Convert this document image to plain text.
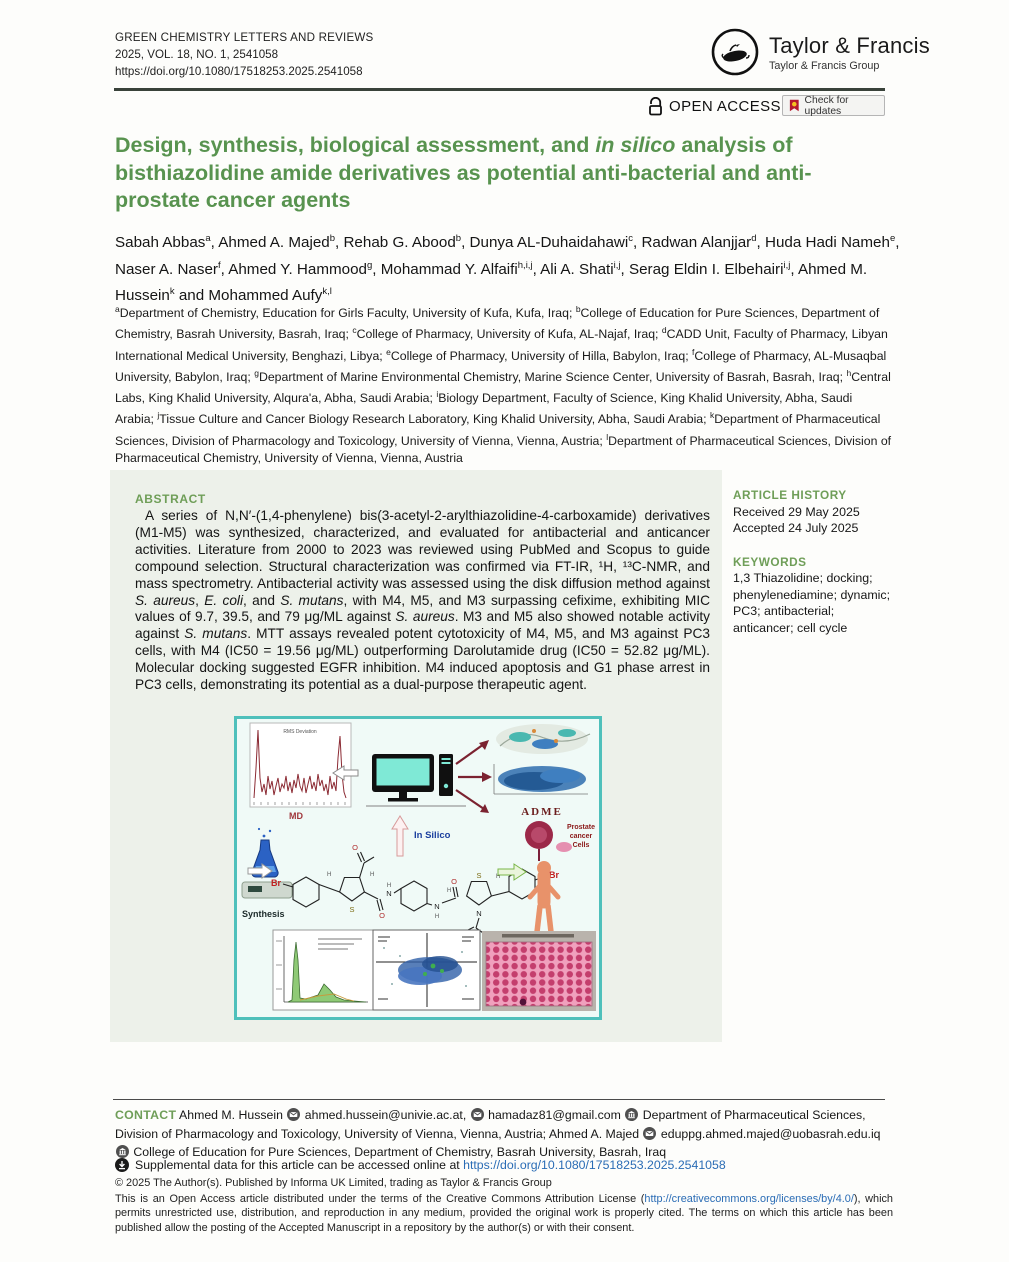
GREEN CHEMISTRY LETTERS AND REVIEWS
2025, VOL. 18, NO. 1, 2541058
https://doi.org/10.1080/17518253.2025.2541058
Taylor & Francis
Taylor & Francis Group
OPEN ACCESS Check for updates
Design, synthesis, biological assessment, and in silico analysis of bisthiazolidine amide derivatives as potential anti-bacterial and anti-prostate cancer agents

Sabah Abbas$^a$, Ahmed A. Majed$^b$, Rehab G. Abood$^b$, Dunya AL-Duhaidahawi$^c$, Radwan Alanjjar$^d$, Huda Hadi Nameh$^e$, Naser A. Naser$^f$, Ahmed Y. Hammood$^g$, Mohammad Y. Alfaifi$^{h,i,j}$, Ali A. Shati$^{i,j}$, Serag Eldin I. Elbehairi$^{i,j}$, Ahmed M. Hussein$^k$ and Mohammed Aufy$^{k,l}$

$^a$Department of Chemistry, Education for Girls Faculty, University of Kufa, Kufa, Iraq; $^b$College of Education for Pure Sciences, Department of Chemistry, Basrah University, Basrah, Iraq; $^c$College of Pharmacy, University of Kufa, AL-Najaf, Iraq; $^d$CADD Unit, Faculty of Pharmacy, Libyan International Medical University, Benghazi, Libya; $^e$College of Pharmacy, University of Hilla, Babylon, Iraq; $^f$College of Pharmacy, AL-Musaqbal University, Babylon, Iraq; $^g$Department of Marine Environmental Chemistry, Marine Science Center, University of Basrah, Basrah, Iraq; $^h$Central Labs, King Khalid University, Alqura'a, Abha, Saudi Arabia; $^i$Biology Department, Faculty of Science, King Khalid University, Abha, Saudi Arabia; $^j$Tissue Culture and Cancer Biology Research Laboratory, King Khalid University, Abha, Saudi Arabia; $^k$Department of Pharmaceutical Sciences, Division of Pharmacology and Toxicology, University of Vienna, Vienna, Austria; $^l$Department of Pharmaceutical Sciences, Division of Pharmaceutical Chemistry, University of Vienna, Vienna, Austria

ABSTRACT

A series of N,N′-(1,4-phenylene) bis(3-acetyl-2-arylthiazolidine-4-carboxamide) derivatives (M1-M5) was synthesized, characterized, and evaluated for antibacterial and anticancer activities. Literature from 2000 to 2023 was reviewed using PubMed and Scopus to guide compound selection. Structural characterization was confirmed via FT-IR, ¹H, ¹³C-NMR, and mass spectrometry. Antibacterial activity was assessed using the disk diffusion method against S. aureus, E. coli, and S. mutans, with M4, M5, and M3 surpassing cefixime, exhibiting MIC values of 9.7, 39.5, and 79 μg/ML against S. aureus. M3 and M5 also showed notable activity against S. mutans. MTT assays revealed potent cytotoxicity of M4, M5, and M3 against PC3 cells, with M4 (IC50 = 19.56 μg/ML) outperforming Darolutamide drug (IC50 = 52.82 μg/ML). Molecular docking suggested EGFR inhibition. M4 induced apoptosis and G1 phase arrest in PC3 cells, demonstrating its potential as a dual-purpose therapeutic agent.

RMS Deviation
MD	ADME
In Silico
Synthesis
Br
S
O
O
N
H
N
H
O
S
N
Br
H	H
H
H
Prostate
cancer
Cells
ARTICLE HISTORY
Received 29 May 2025
Accepted 24 July 2025
KEYWORDS
1,3 Thiazolidine; docking; phenylenediamine; dynamic; PC3; antibacterial; anticancer; cell cycle

CONTACT Ahmed M. Hussein  ahmed.hussein@univie.ac.at,  hamadaz81@gmail.com  Department of Pharmaceutical Sciences, Division of Pharmacology and Toxicology, University of Vienna, Vienna, Austria; Ahmed A. Majed  eduppg.ahmed.majed@uobasrah.edu.iq  College of Education for Pure Sciences, Department of Chemistry, Basrah University, Basrah, Iraq

Supplemental data for this article can be accessed online at https://doi.org/10.1080/17518253.2025.2541058
© 2025 The Author(s). Published by Informa UK Limited, trading as Taylor & Francis Group

This is an Open Access article distributed under the terms of the Creative Commons Attribution License (http://creativecommons.org/licenses/by/4.0/), which permits unrestricted use, distribution, and reproduction in any medium, provided the original work is properly cited. The terms on which this article has been published allow the posting of the Accepted Manuscript in a repository by the author(s) or with their consent.
